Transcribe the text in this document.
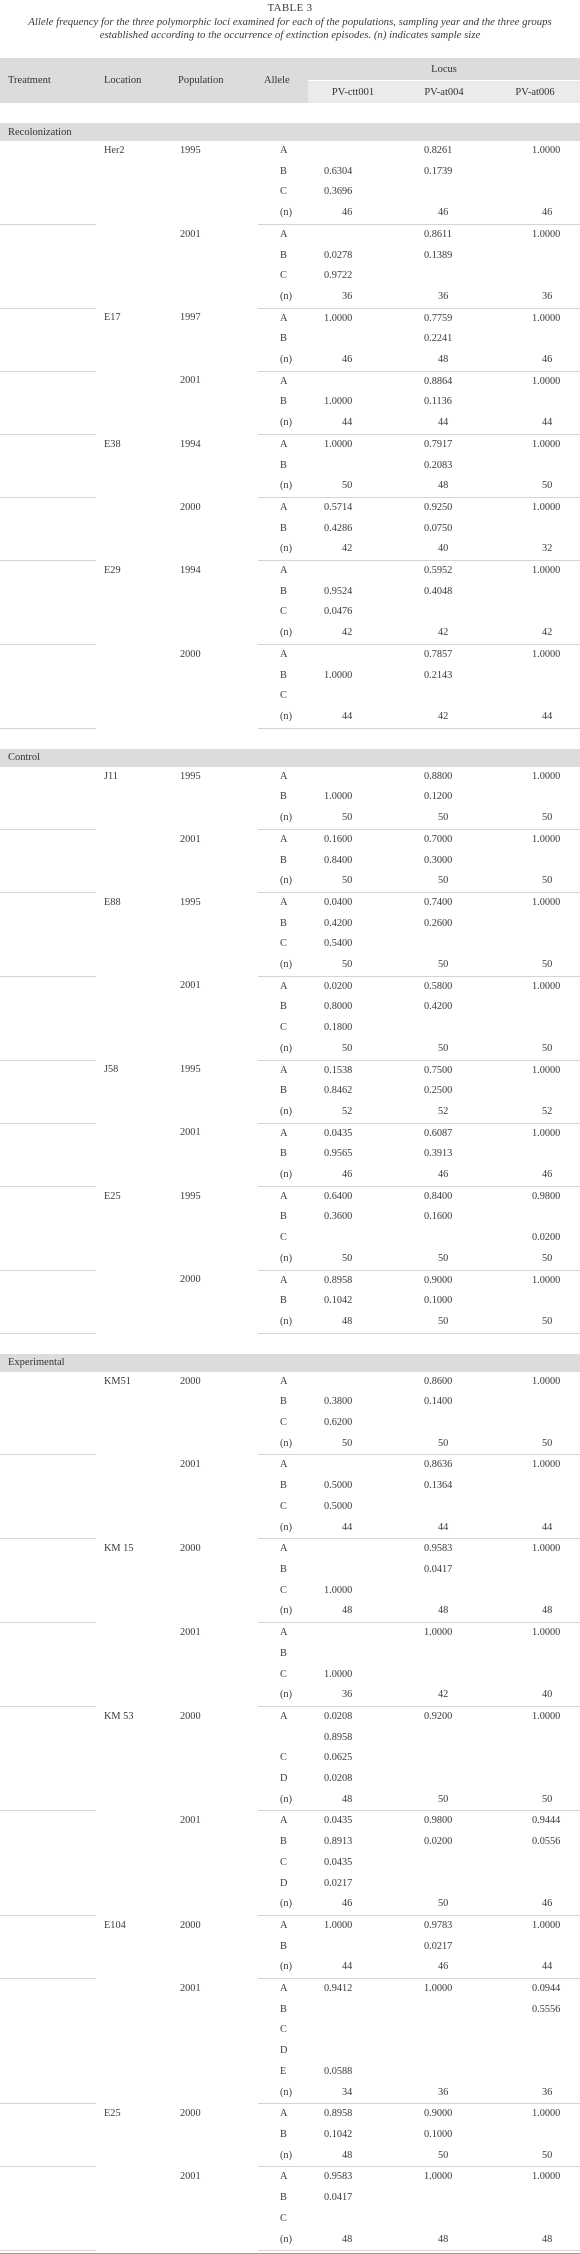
TABLE 3
Allele frequency for the three polymorphic loci examined for each of the populations, sampling year and the three groups established according to the occurrence of extinction episodes. (n) indicates sample size
Treatment	Location	Population	Allele	Locus		
				PV-ctt001	PV-at004	PV-at006

Recolonization						
	Her2	1995	A		0.8261	1.0000
			B	0.6304	0.1739	
			C	0.3696		
			(n)	46	46	46
		2001	A		0.8611	1.0000
			B	0.0278	0.1389	
			C	0.9722		
			(n)	36	36	36
	E17	1997	A	1.0000	0.7759	1.0000
			B		0.2241	
			(n)	46	48	46
		2001	A		0.8864	1.0000
			B	1.0000	0.1136	
			(n)	44	44	44
	E38	1994	A	1.0000	0.7917	1.0000
			B		0.2083	
			(n)	50	48	50
		2000	A	0.5714	0.9250	1.0000
			B	0.4286	0.0750	
			(n)	42	40	32
	E29	1994	A		0.5952	1.0000
			B	0.9524	0.4048	
			C	0.0476		
			(n)	42	42	42
		2000	A		0.7857	1.0000
			B	1.0000	0.2143	
			C			
			(n)	44	42	44

Control						
	J11	1995	A		0.8800	1.0000
			B	1.0000	0.1200	
			(n)	50	50	50
		2001	A	0.1600	0.7000	1.0000
			B	0.8400	0.3000	
			(n)	50	50	50
	E88	1995	A	0.0400	0.7400	1.0000
			B	0.4200	0.2600	
			C	0.5400		
			(n)	50	50	50
		2001	A	0.0200	0.5800	1.0000
			B	0.8000	0.4200	
			C	0.1800		
			(n)	50	50	50
	J58	1995	A	0.1538	0.7500	1.0000
			B	0.8462	0.2500	
			(n)	52	52	52
		2001	A	0.0435	0.6087	1.0000
			B	0.9565	0.3913	
			(n)	46	46	46
	E25	1995	A	0.6400	0.8400	0.9800
			B	0.3600	0.1600	
			C			0.0200
			(n)	50	50	50
		2000	A	0.8958	0.9000	1.0000
			B	0.1042	0.1000	
			(n)	48	50	50

Experimental						
	KM51	2000	A		0.8600	1.0000
			B	0.3800	0.1400	
			C	0.6200		
			(n)	50	50	50
		2001	A		0.8636	1.0000
			B	0.5000	0.1364	
			C	0.5000		
			(n)	44	44	44
	KM 15	2000	A		0.9583	1.0000
			B		0.0417	
			C	1.0000		
			(n)	48	48	48
		2001	A		1.0000	1.0000
			B			
			C	1.0000		
			(n)	36	42	40
	KM 53	2000	A	0.0208	0.9200	1.0000
				0.8958		
			C	0.0625		
			D	0.0208		
			(n)	48	50	50
		2001	A	0.0435	0.9800	0.9444
			B	0.8913	0.0200	0.0556
			C	0.0435		
			D	0.0217		
			(n)	46	50	46
	E104	2000	A	1.0000	0.9783	1.0000
			B		0.0217	
			(n)	44	46	44
		2001	A	0.9412	1.0000	0.0944
			B			0.5556
			C			
			D			
			E	0.0588		
			(n)	34	36	36
	E25	2000	A	0.8958	0.9000	1.0000
			B	0.1042	0.1000	
			(n)	48	50	50
		2001	A	0.9583	1.0000	1.0000
			B	0.0417		
			C			
			(n)	48	48	48
